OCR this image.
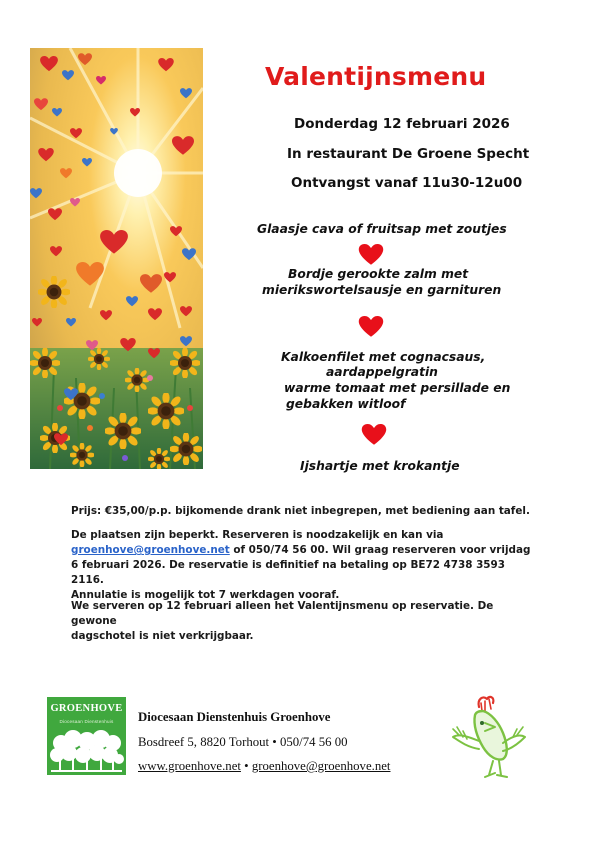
Valentijnsmenu
Donderdag 12 februari 2026
In restaurant De Groene Specht
Ontvangst vanaf 11u30-12u00
Glaasje cava of fruitsap met zoutjes
Bordje gerookte zalm met
mierikswortelsausje en garnituren
Kalkoenfilet met cognacsaus,
aardappelgratin
warme tomaat met persillade en
gebakken witloof
Ijshartje met krokantje
Prijs: €35,00/p.p. bijkomende drank niet inbegrepen, met bediening aan tafel.
De plaatsen zijn beperkt. Reserveren is noodzakelijk en kan via
groenhove@groenhove.net of 050/74 56 00. Wil graag reserveren voor vrijdag
6 februari 2026. De reservatie is definitief na betaling op BE72 4738 3593 2116.
Annulatie is mogelijk tot 7 werkdagen vooraf.
We serveren op 12 februari alleen het Valentijnsmenu op reservatie. De gewone
dagschotel is niet verkrijgbaar.
GROENHOVE
Diocesaan Dienstenhuis	Diocesaan Dienstenhuis Groenhove
Bosdreef 5, 8820 Torhout • 050/74 56 00
www.groenhove.net • groenhove@groenhove.net
